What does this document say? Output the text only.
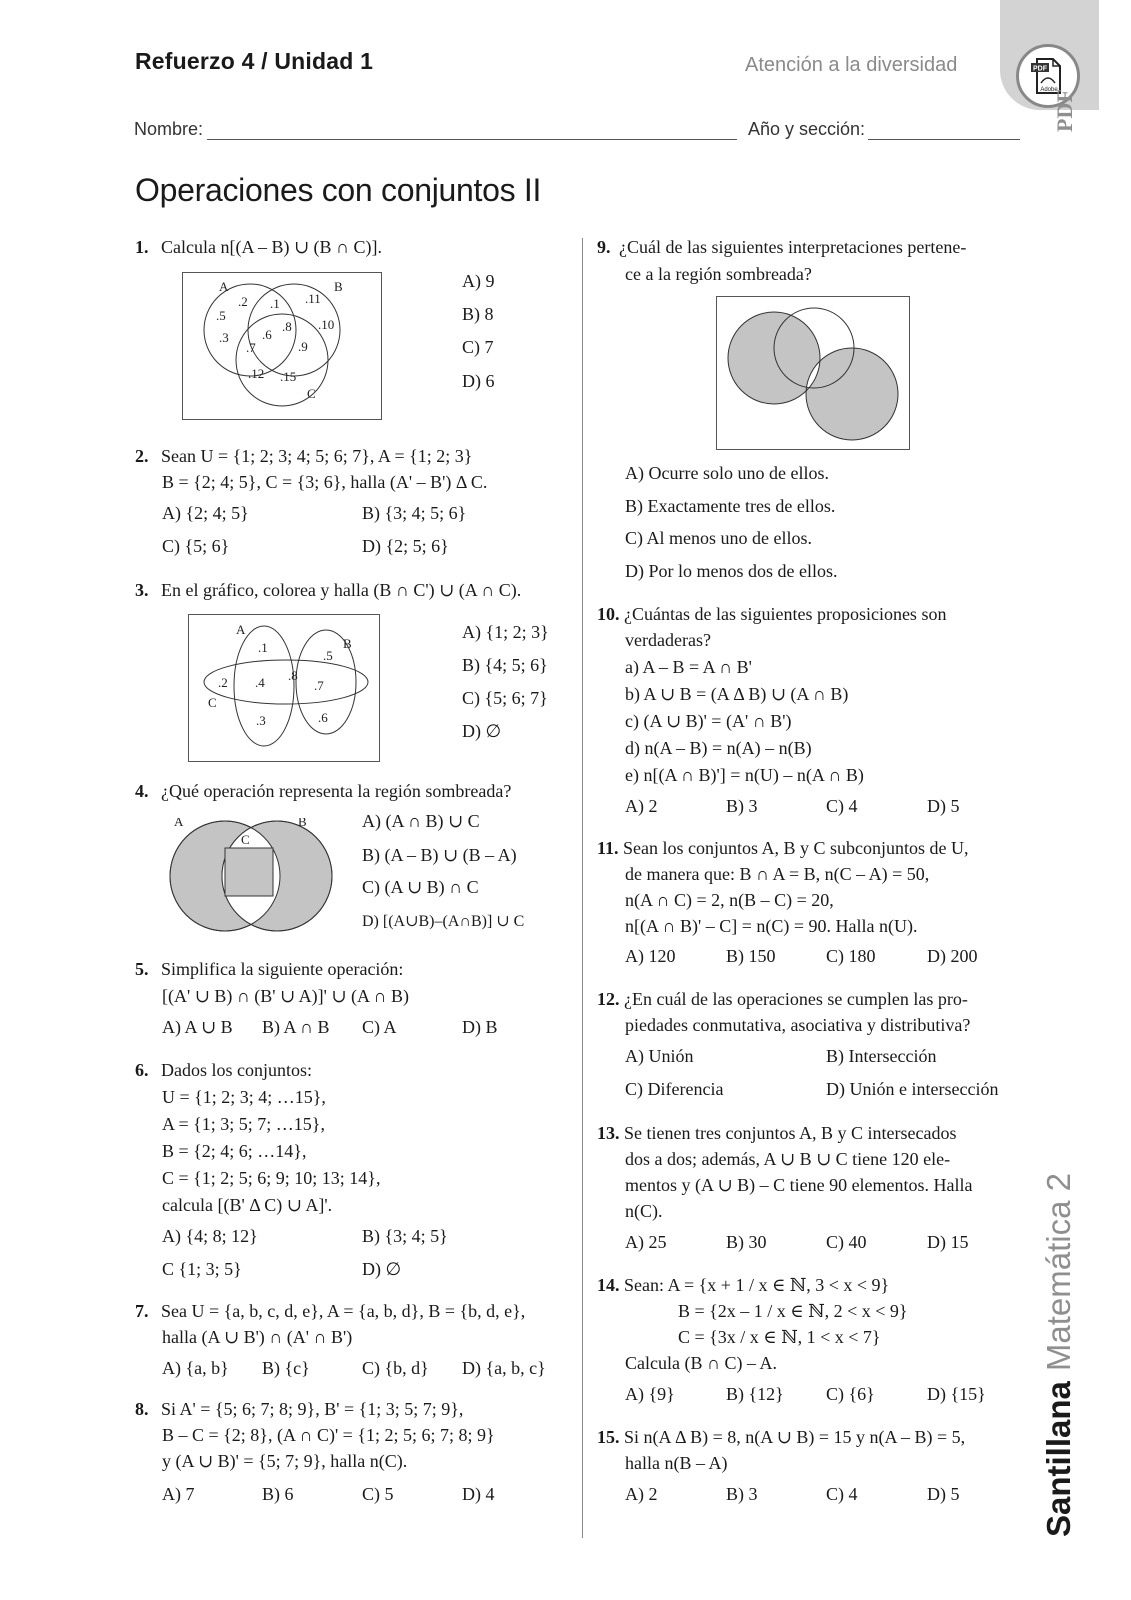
Refuerzo 4 / Unidad 1	Atención a la diversidad
Nombre:	Año y sección:
Operaciones con conjuntos II
PDF
Adobe
PDF
SantillanaMatemática 2
1. Calcula n[(A – B) ∪ (B ∩ C)].
A	B
C
.2
.5
.3
.1 .11
.6
.8 .10
.7	.9
.12 .15
A) 9
B) 8
C) 7
D) 6
2. Sean U = {1; 2; 3; 4; 5; 6; 7}, A = {1; 2; 3}
B = {2; 4; 5}, C = {3; 6}, halla (A' – B') Δ C.
A) {2; 4; 5}	B) {3; 4; 5; 6}
C) {5; 6}	D) {2; 5; 6}
3. En el gráfico, colorea y halla (B ∩ C') ∪ (A ∩ C).
A
B
C
.1
.5
.2 .4 .8
.7
.3	.6
A) {1; 2; 3}
B) {4; 5; 6}
C) {5; 6; 7}
D) ∅
4. ¿Qué operación representa la región sombreada?
A	B
C
A) (A ∩ B) ∪ C
B) (A – B) ∪ (B – A)
C) (A ∪ B) ∩ C
D) [(A∪B)–(A∩B)] ∪ C
5. Simplifica la siguiente operación:
[(A' ∪ B) ∩ (B' ∪ A)]' ∪ (A ∩ B)
A) A ∪ B B) A ∩ B C) A	D) B
6. Dados los conjuntos:
U = {1; 2; 3; 4; …15},
A = {1; 3; 5; 7; …15},
B = {2; 4; 6; …14},
C = {1; 2; 5; 6; 9; 10; 13; 14},
calcula [(B' Δ C) ∪ A]'.
A) {4; 8; 12}	B) {3; 4; 5}
C {1; 3; 5}	D) ∅
7. Sea U = {a, b, c, d, e}, A = {a, b, d}, B = {b, d, e},
halla (A ∪ B') ∩ (A' ∩ B')
A) {a, b} B) {c}	C) {b, d} D) {a, b, c}
8. Si A' = {5; 6; 7; 8; 9}, B' = {1; 3; 5; 7; 9},
B – C = {2; 8}, (A ∩ C)' = {1; 2; 5; 6; 7; 8; 9}
y (A ∪ B)' = {5; 7; 9}, halla n(C).
A) 7	B) 6	C) 5	D) 4
9. ¿Cuál de las siguientes interpretaciones pertene-
ce a la región sombreada?
A) Ocurre solo uno de ellos.
B) Exactamente tres de ellos.
C) Al menos uno de ellos.
D) Por lo menos dos de ellos.
10. ¿Cuántas de las siguientes proposiciones son
verdaderas?
a) A – B = A ∩ B'
b) A ∪ B = (A Δ B) ∪ (A ∩ B)
c) (A ∪ B)' = (A' ∩ B')
d) n(A – B) = n(A) – n(B)
e) n[(A ∩ B)'] = n(U) – n(A ∩ B)
A) 2	B) 3	C) 4	D) 5
11. Sean los conjuntos A, B y C subconjuntos de U,
de manera que: B ∩ A = B, n(C – A) = 50,
n(A ∩ C) = 2, n(B – C) = 20,
n[(A ∩ B)' – C] = n(C) = 90. Halla n(U).
A) 120	B) 150	C) 180	D) 200
12. ¿En cuál de las operaciones se cumplen las pro-
piedades conmutativa, asociativa y distributiva?
A) Unión	B) Intersección
C) Diferencia	D) Unión e intersección
13. Se tienen tres conjuntos A, B y C intersecados
dos a dos; además, A ∪ B ∪ C tiene 120 ele-
mentos y (A ∪ B) – C tiene 90 elementos. Halla
n(C).
A) 25	B) 30	C) 40	D) 15
14. Sean: A = {x + 1 / x ∈ ℕ, 3 < x < 9}
B = {2x – 1 / x ∈ ℕ, 2 < x < 9}
C = {3x / x ∈ ℕ, 1 < x < 7}
Calcula (B ∩ C) – A.
A) {9}	B) {12} C) {6}	D) {15}
15. Si n(A Δ B) = 8, n(A ∪ B) = 15 y n(A – B) = 5,
halla n(B – A)
A) 2	B) 3	C) 4	D) 5
